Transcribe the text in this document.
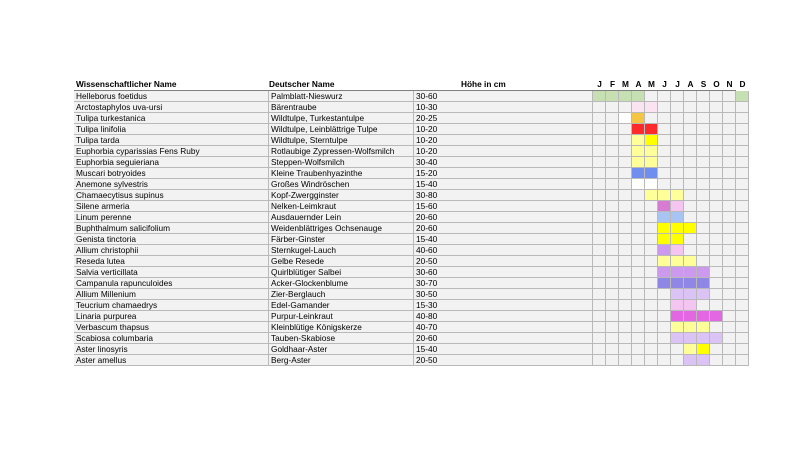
Wissenschaftlicher Name	Deutscher Name	Höhe in cm	J F M A M J	J A S O N D
Helleborus foetidus	Palmblatt-Nieswurz	30-60
Arctostaphylos uva-ursi	Bärentraube	10-30
Tulipa turkestanica	Wildtulpe, Turkestantulpe	20-25
Tulipa linifolia	Wildtulpe, Leinblättrige Tulpe	10-20
Tulipa tarda	Wildtulpe, Sterntulpe	10-20
Euphorbia cyparissias Fens Ruby	Rotlaubige Zypressen-Wolfsmilch	10-20
Euphorbia seguieriana	Steppen-Wolfsmilch	30-40
Muscari botryoides	Kleine Traubenhyazinthe	15-20
Anemone sylvestris	Großes Windröschen	15-40
Chamaecytisus supinus	Kopf-Zwergginster	30-80
Silene armeria	Nelken-Leimkraut	15-60
Linum perenne	Ausdauernder Lein	20-60
Buphthalmum salicifolium	Weidenblättriges Ochsenauge	20-60
Genista tinctoria	Färber-Ginster	15-40
Allium christophii	Sternkugel-Lauch	40-60
Reseda lutea	Gelbe Resede	20-50
Salvia verticillata	Quirlblütiger Salbei	30-60
Campanula rapunculoides	Acker-Glockenblume	30-70
Allium Millenium	Zier-Berglauch	30-50
Teucrium chamaedrys	Edel-Gamander	15-30
Linaria purpurea	Purpur-Leinkraut	40-80
Verbascum thapsus	Kleinblütige Königskerze	40-70
Scabiosa columbaria	Tauben-Skabiose	20-60
Aster linosyris	Goldhaar-Aster	15-40
Aster amellus	Berg-Aster	20-50
